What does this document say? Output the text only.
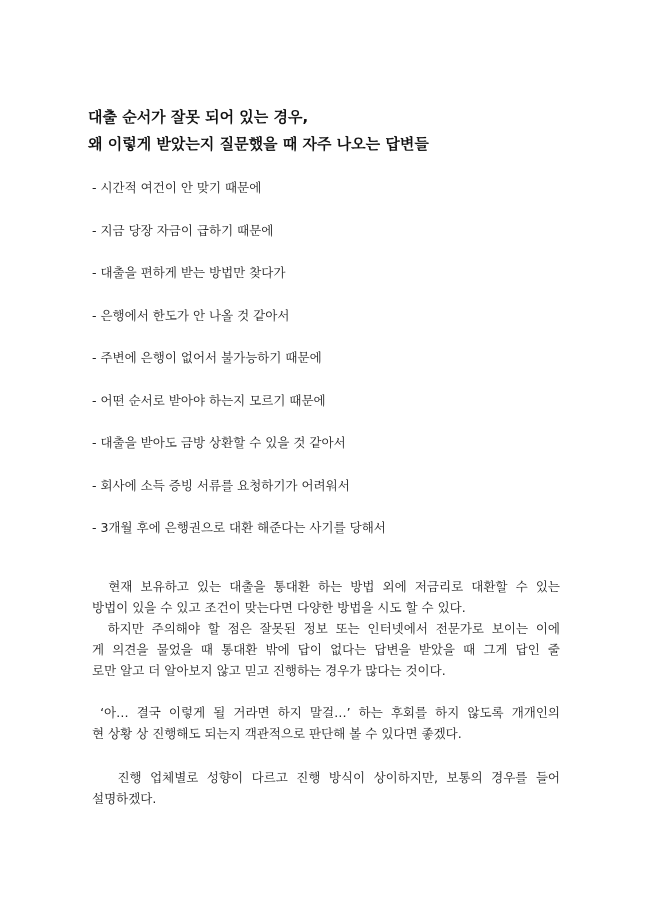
대출 순서가 잘못 되어 있는 경우,
왜 이렇게 받았는지 질문했을 때 자주 나오는 답변들
- 시간적 여건이 안 맞기 때문에
- 지금 당장 자금이 급하기 때문에
- 대출을 편하게 받는 방법만 찾다가
- 은행에서 한도가 안 나올 것 같아서
- 주변에 은행이 없어서 불가능하기 때문에
- 어떤 순서로 받아야 하는지 모르기 때문에
- 대출을 받아도 금방 상환할 수 있을 것 같아서
- 회사에 소득 증빙 서류를 요청하기가 어려워서
- 3개월 후에 은행권으로 대환 해준다는 사기를 당해서
현재 보유하고 있는 대출을 통대환 하는 방법 외에 저금리로 대환할 수 있는
방법이 있을 수 있고 조건이 맞는다면 다양한 방법을 시도 할 수 있다.
하지만 주의해야 할 점은 잘못된 정보 또는 인터넷에서 전문가로 보이는 이에
게 의견을 물었을 때 통대환 밖에 답이 없다는 답변을 받았을 때 그게 답인 줄
로만 알고 더 알아보지 않고 믿고 진행하는 경우가 많다는 것이다.
‘아… 결국 이렇게 될 거라면 하지 말걸…’ 하는 후회를 하지 않도록 개개인의
현 상황 상 진행해도 되는지 객관적으로 판단해 볼 수 있다면 좋겠다.
진행 업체별로 성향이 다르고 진행 방식이 상이하지만, 보통의 경우를 들어
설명하겠다.
